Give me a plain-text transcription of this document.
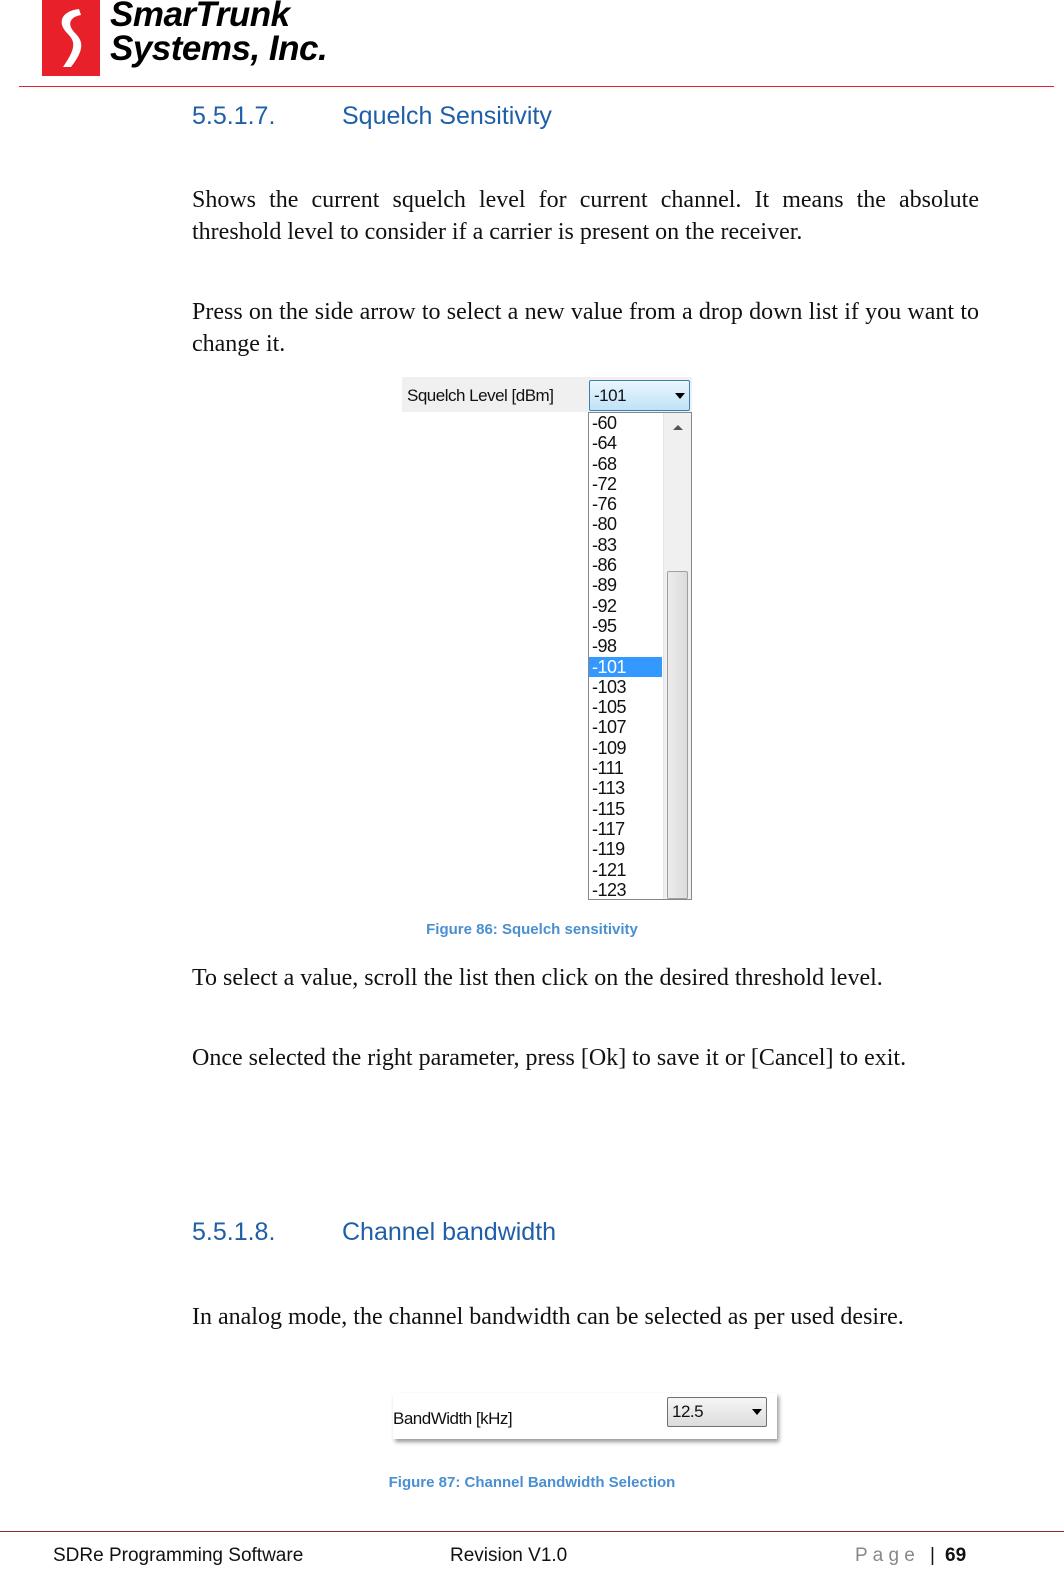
SmarTrunk
Systems, Inc.
5.5.1.7.	Squelch Sensitivity
Shows the current squelch level for current channel. It means the absolute threshold level to consider if a carrier is present on the receiver.
Press on the side arrow to select a new value from a drop down list if you want to change it.
Squelch Level [dBm] -101
-60
-64
-68
-72
-76
-80
-83
-86
-89
-92
-95
-98
-101
-103
-105
-107
-109
-111
-113
-115
-117
-119
-121
-123
Figure 86: Squelch sensitivity
To select a value, scroll the list then click on the desired threshold level.
Once selected the right parameter, press [Ok] to save it or [Cancel] to exit.
5.5.1.8.	Channel bandwidth
In analog mode, the channel bandwidth can be selected as per used desire.
BandWidth [kHz]	12.5
Figure 87: Channel Bandwidth Selection
SDRe Programming Software	Revision V1.0	P a g e | 69
